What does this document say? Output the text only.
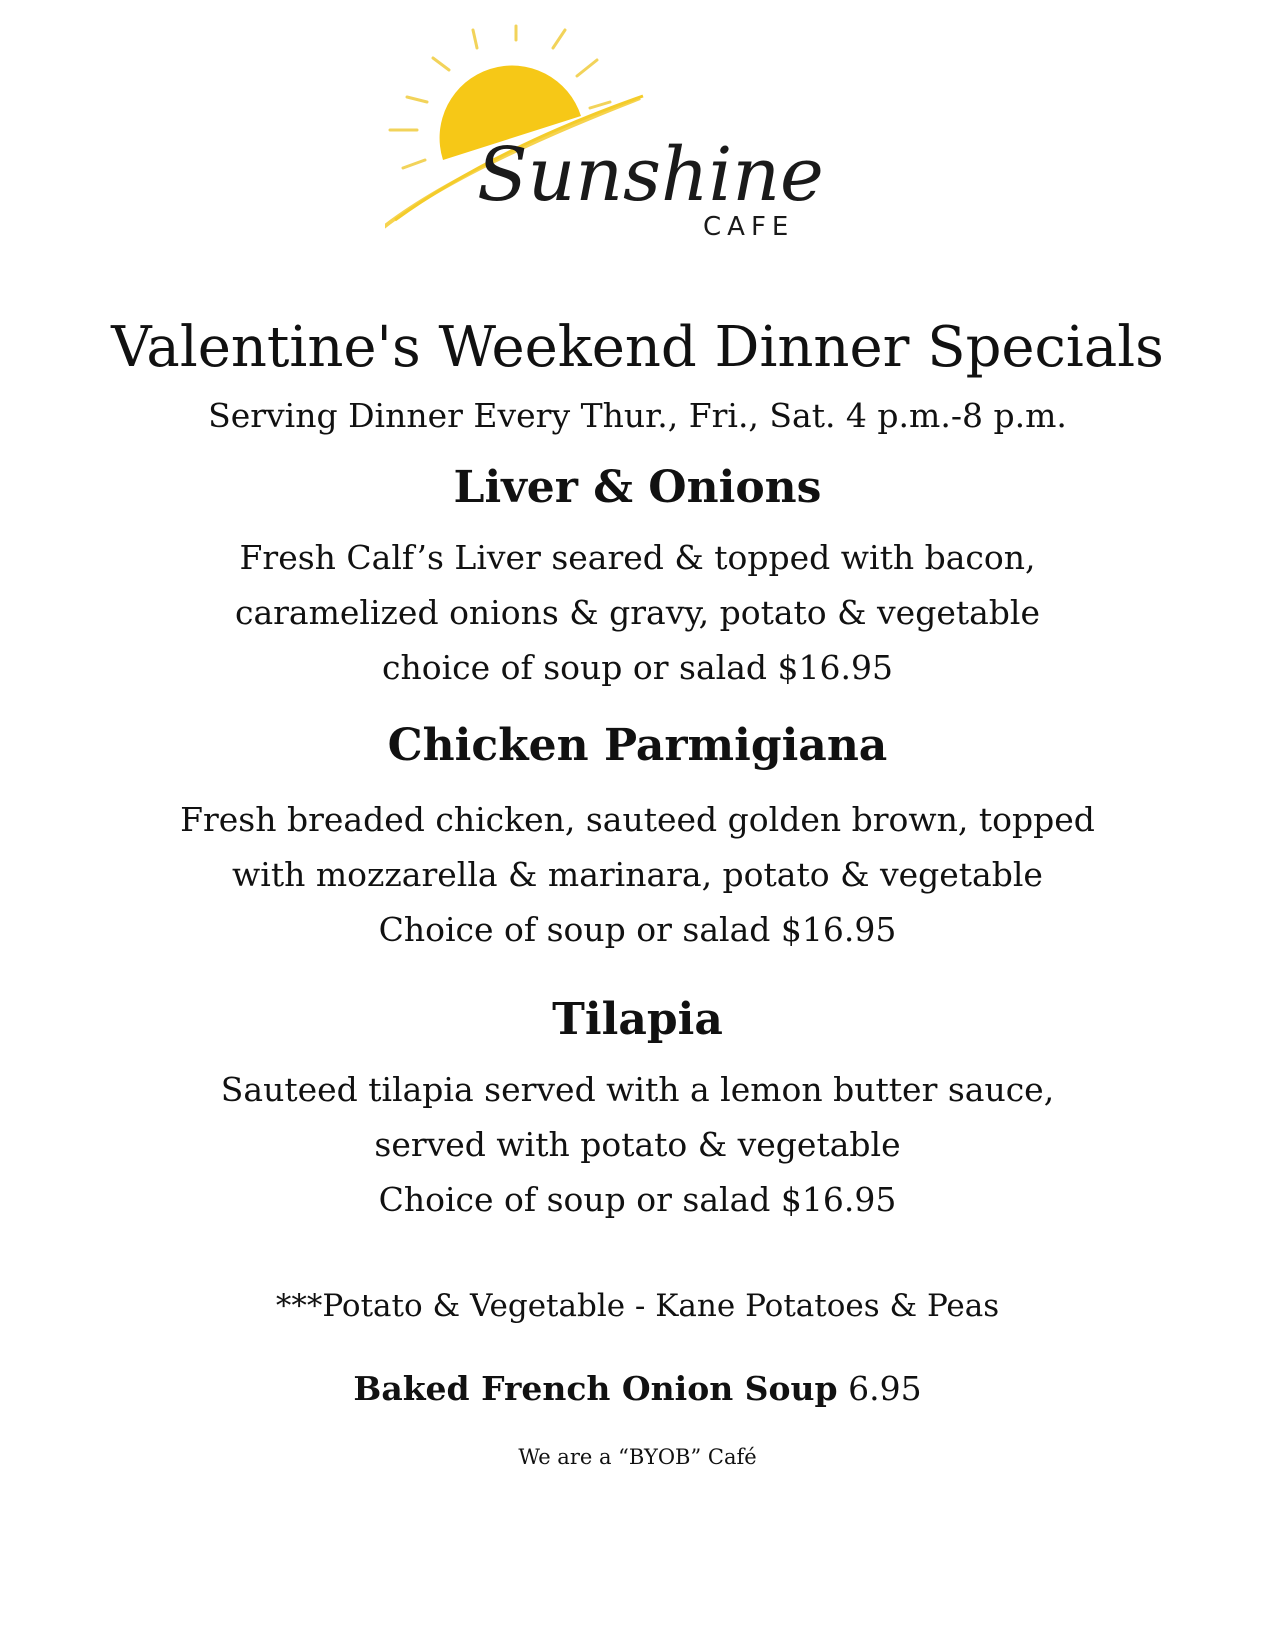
Sunshine
CAFE
Valentine's Weekend Dinner Specials
Serving Dinner Every Thur., Fri., Sat. 4 p.m.-8 p.m.
Liver & Onions
Fresh Calf’s Liver seared & topped with bacon,
caramelized onions & gravy, potato & vegetable
choice of soup or salad $16.95
Chicken Parmigiana
Fresh breaded chicken, sauteed golden brown, topped
with mozzarella & marinara, potato & vegetable
Choice of soup or salad $16.95
Tilapia
Sauteed tilapia served with a lemon butter sauce,
served with potato & vegetable
Choice of soup or salad $16.95
***Potato & Vegetable - Kane Potatoes & Peas
Baked French Onion Soup 6.95
We are a “BYOB” Café
